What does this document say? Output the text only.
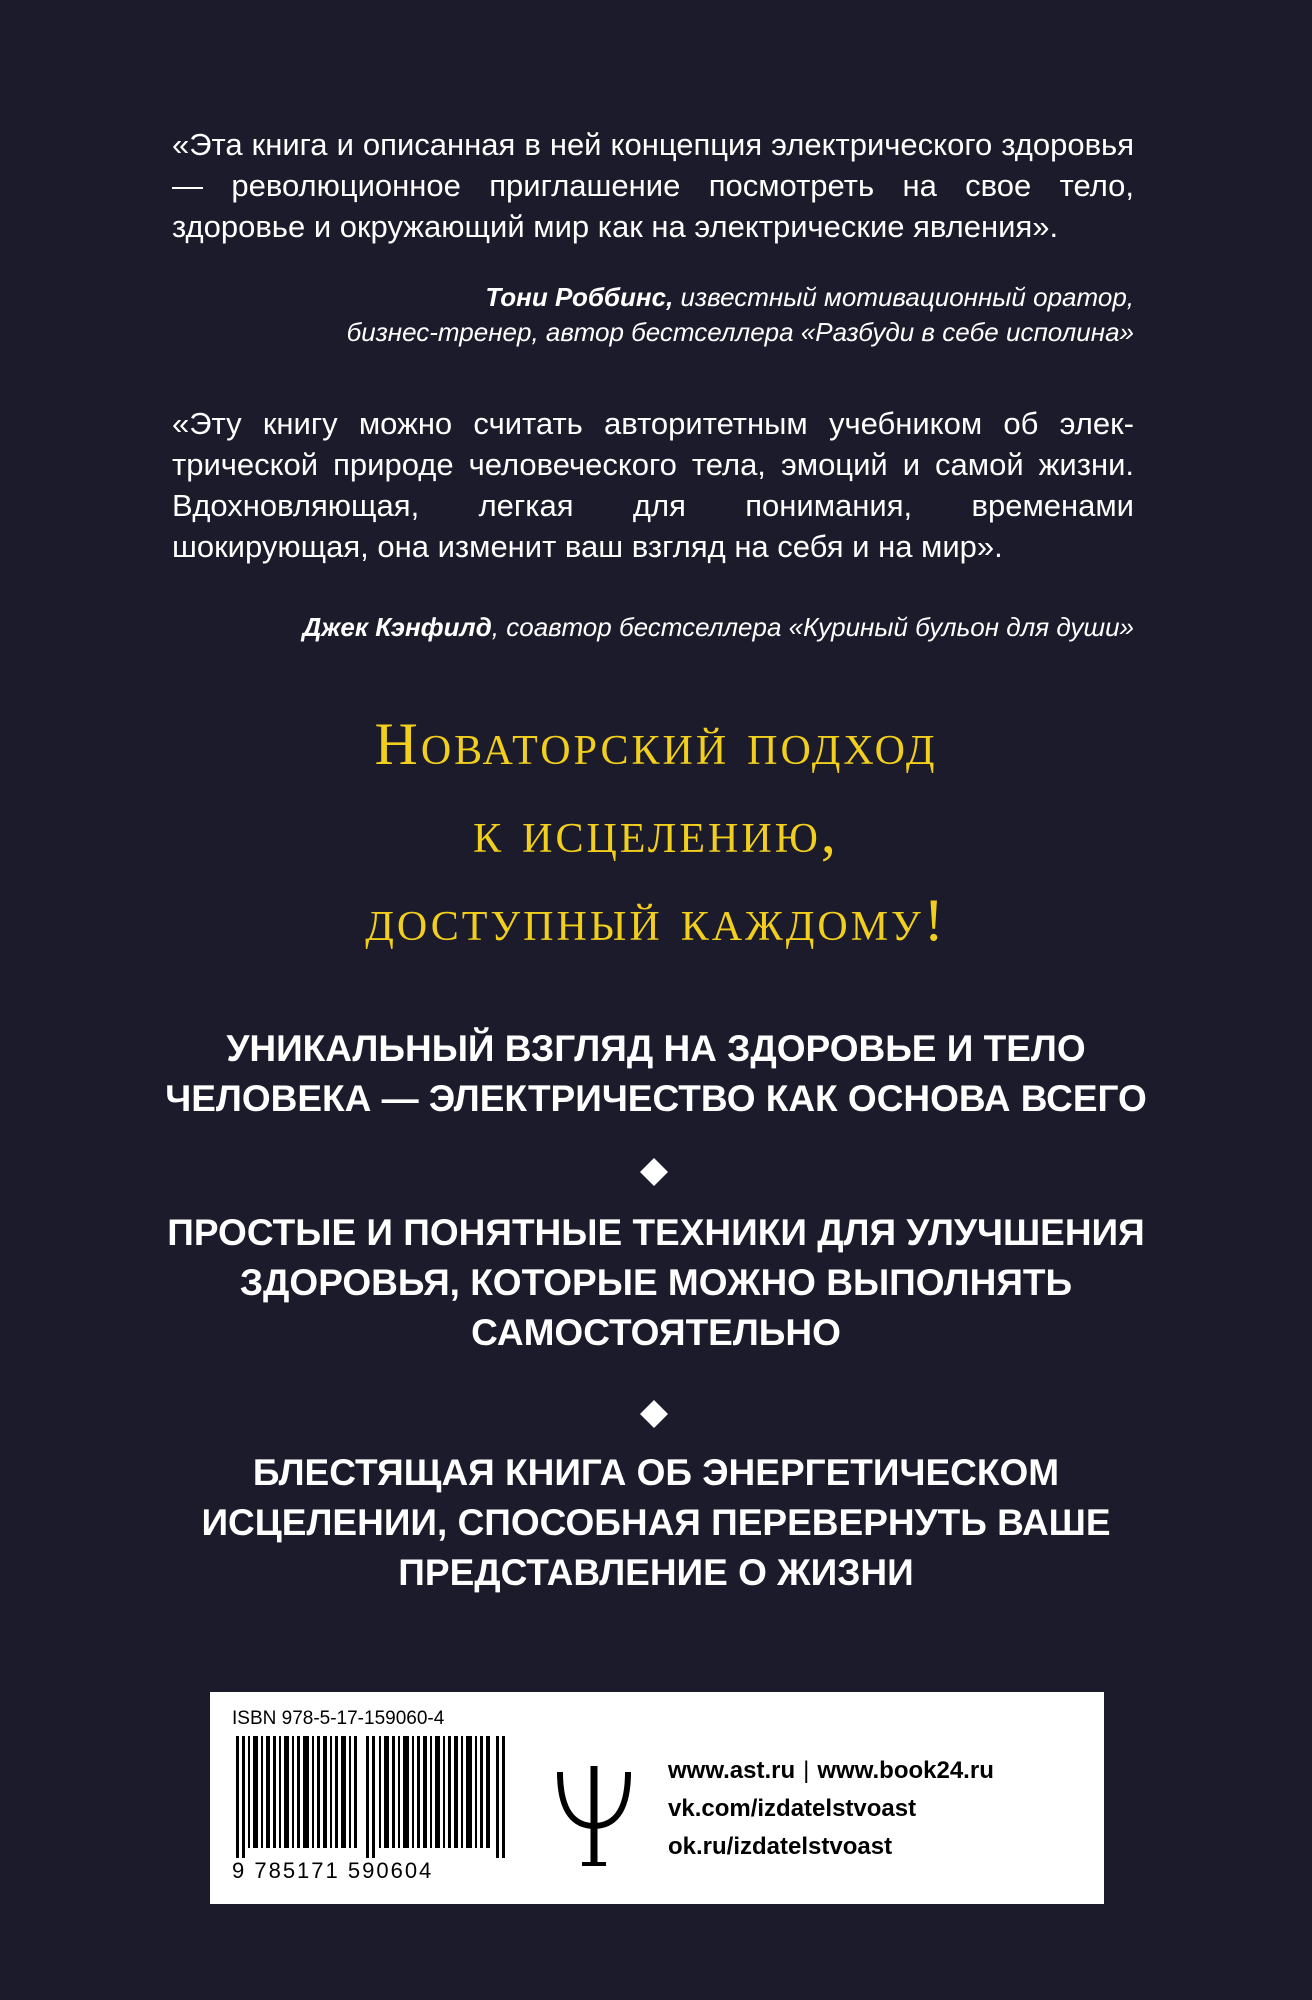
«Эта книга и описанная в ней концепция электрического здоровья — революционное приглашение посмотреть на свое тело, здоровье и окружающий мир как на электрические явления».

Тони Роббинс, известный мотивационный оратор,
бизнес-тренер, автор бестселлера «Разбуди в себе исполина»

«Эту книгу можно считать авторитетным учебником об элек-трической природе человеческого тела, эмоций и самой жизни. Вдохновляющая, легкая для понимания, временами шокирующая, она изменит ваш взгляд на себя и на мир».

Джек Кэнфилд, соавтор бестселлера «Куриный бульон для души»
Новаторский подход
к исцелению,
доступный каждому!
УНИКАЛЬНЫЙ ВЗГЛЯД НА ЗДОРОВЬЕ И ТЕЛО
ЧЕЛОВЕКА — ЭЛЕКТРИЧЕСТВО КАК ОСНОВА ВСЕГО
ПРОСТЫЕ И ПОНЯТНЫЕ ТЕХНИКИ ДЛЯ УЛУЧШЕНИЯ
ЗДОРОВЬЯ, КОТОРЫЕ МОЖНО ВЫПОЛНЯТЬ
САМОСТОЯТЕЛЬНО
БЛЕСТЯЩАЯ КНИГА ОБ ЭНЕРГЕТИЧЕСКОМ
ИСЦЕЛЕНИИ, СПОСОБНАЯ ПЕРЕВЕРНУТЬ ВАШЕ
ПРЕДСТАВЛЕНИЕ О ЖИЗНИ
ISBN 978-5-17-159060-4
9 785171 590604
www.ast.ru | www.book24.ru
vk.com/izdatelstvoast
ok.ru/izdatelstvoast
